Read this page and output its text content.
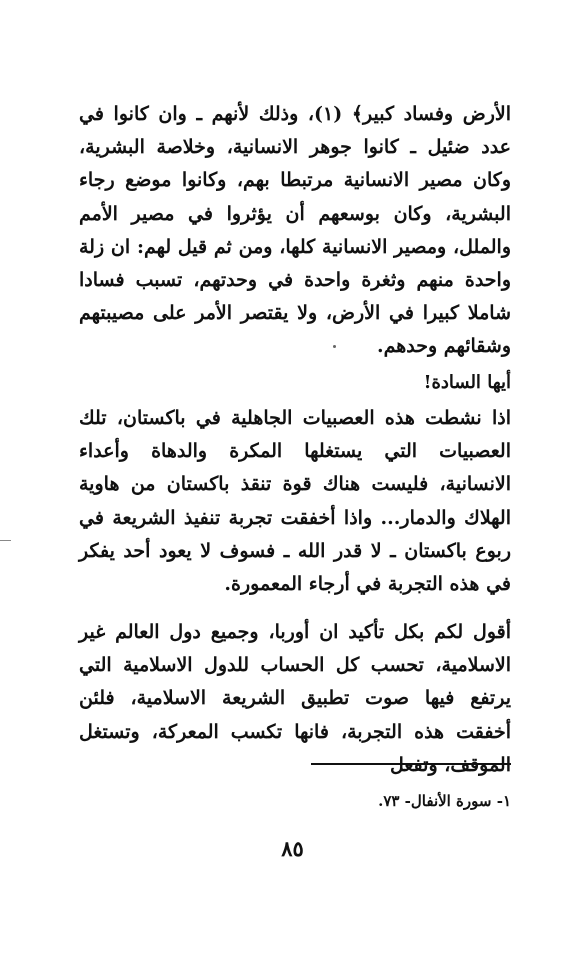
الأرض وفساد كبير﴾ (١)، وذلك لأنهم ـ وان كانوا في عدد ضئيل ـ كانوا جوهر الانسانية، وخلاصة البشرية، وكان مصير الانسانية مرتبطا بهم، وكانوا موضع رجاء البشرية، وكان بوسعهم أن يؤثروا في مصير الأمم والملل، ومصير الانسانية كلها، ومن ثم قيل لهم: ان زلة واحدة منهم وثغرة واحدة في وحدتهم، تسبب فسادا شاملا كبيرا في الأرض، ولا يقتصر الأمر على مصيبتهم وشقائهم وحدهم.

أيها السادة!

اذا نشطت هذه العصبيات الجاهلية في باكستان، تلك العصبيات التي يستغلها المكرة والدهاة وأعداء الانسانية، فليست هناك قوة تنقذ باكستان من هاوية الهلاك والدمار... واذا أخفقت تجربة تنفيذ الشريعة في ربوع باكستان ـ لا قدر الله ـ فسوف لا يعود أحد يفكر في هذه التجربة في أرجاء المعمورة.

أقول لكم بكل تأكيد ان أوربا، وجميع دول العالم غير الاسلامية، تحسب كل الحساب للدول الاسلامية التي يرتفع فيها صوت تطبيق الشريعة الاسلامية، فلئن أخفقت هذه التجربة، فانها تكسب المعركة، وتستغل

١- سورة الأنفال- ٧٣.
٨٥
